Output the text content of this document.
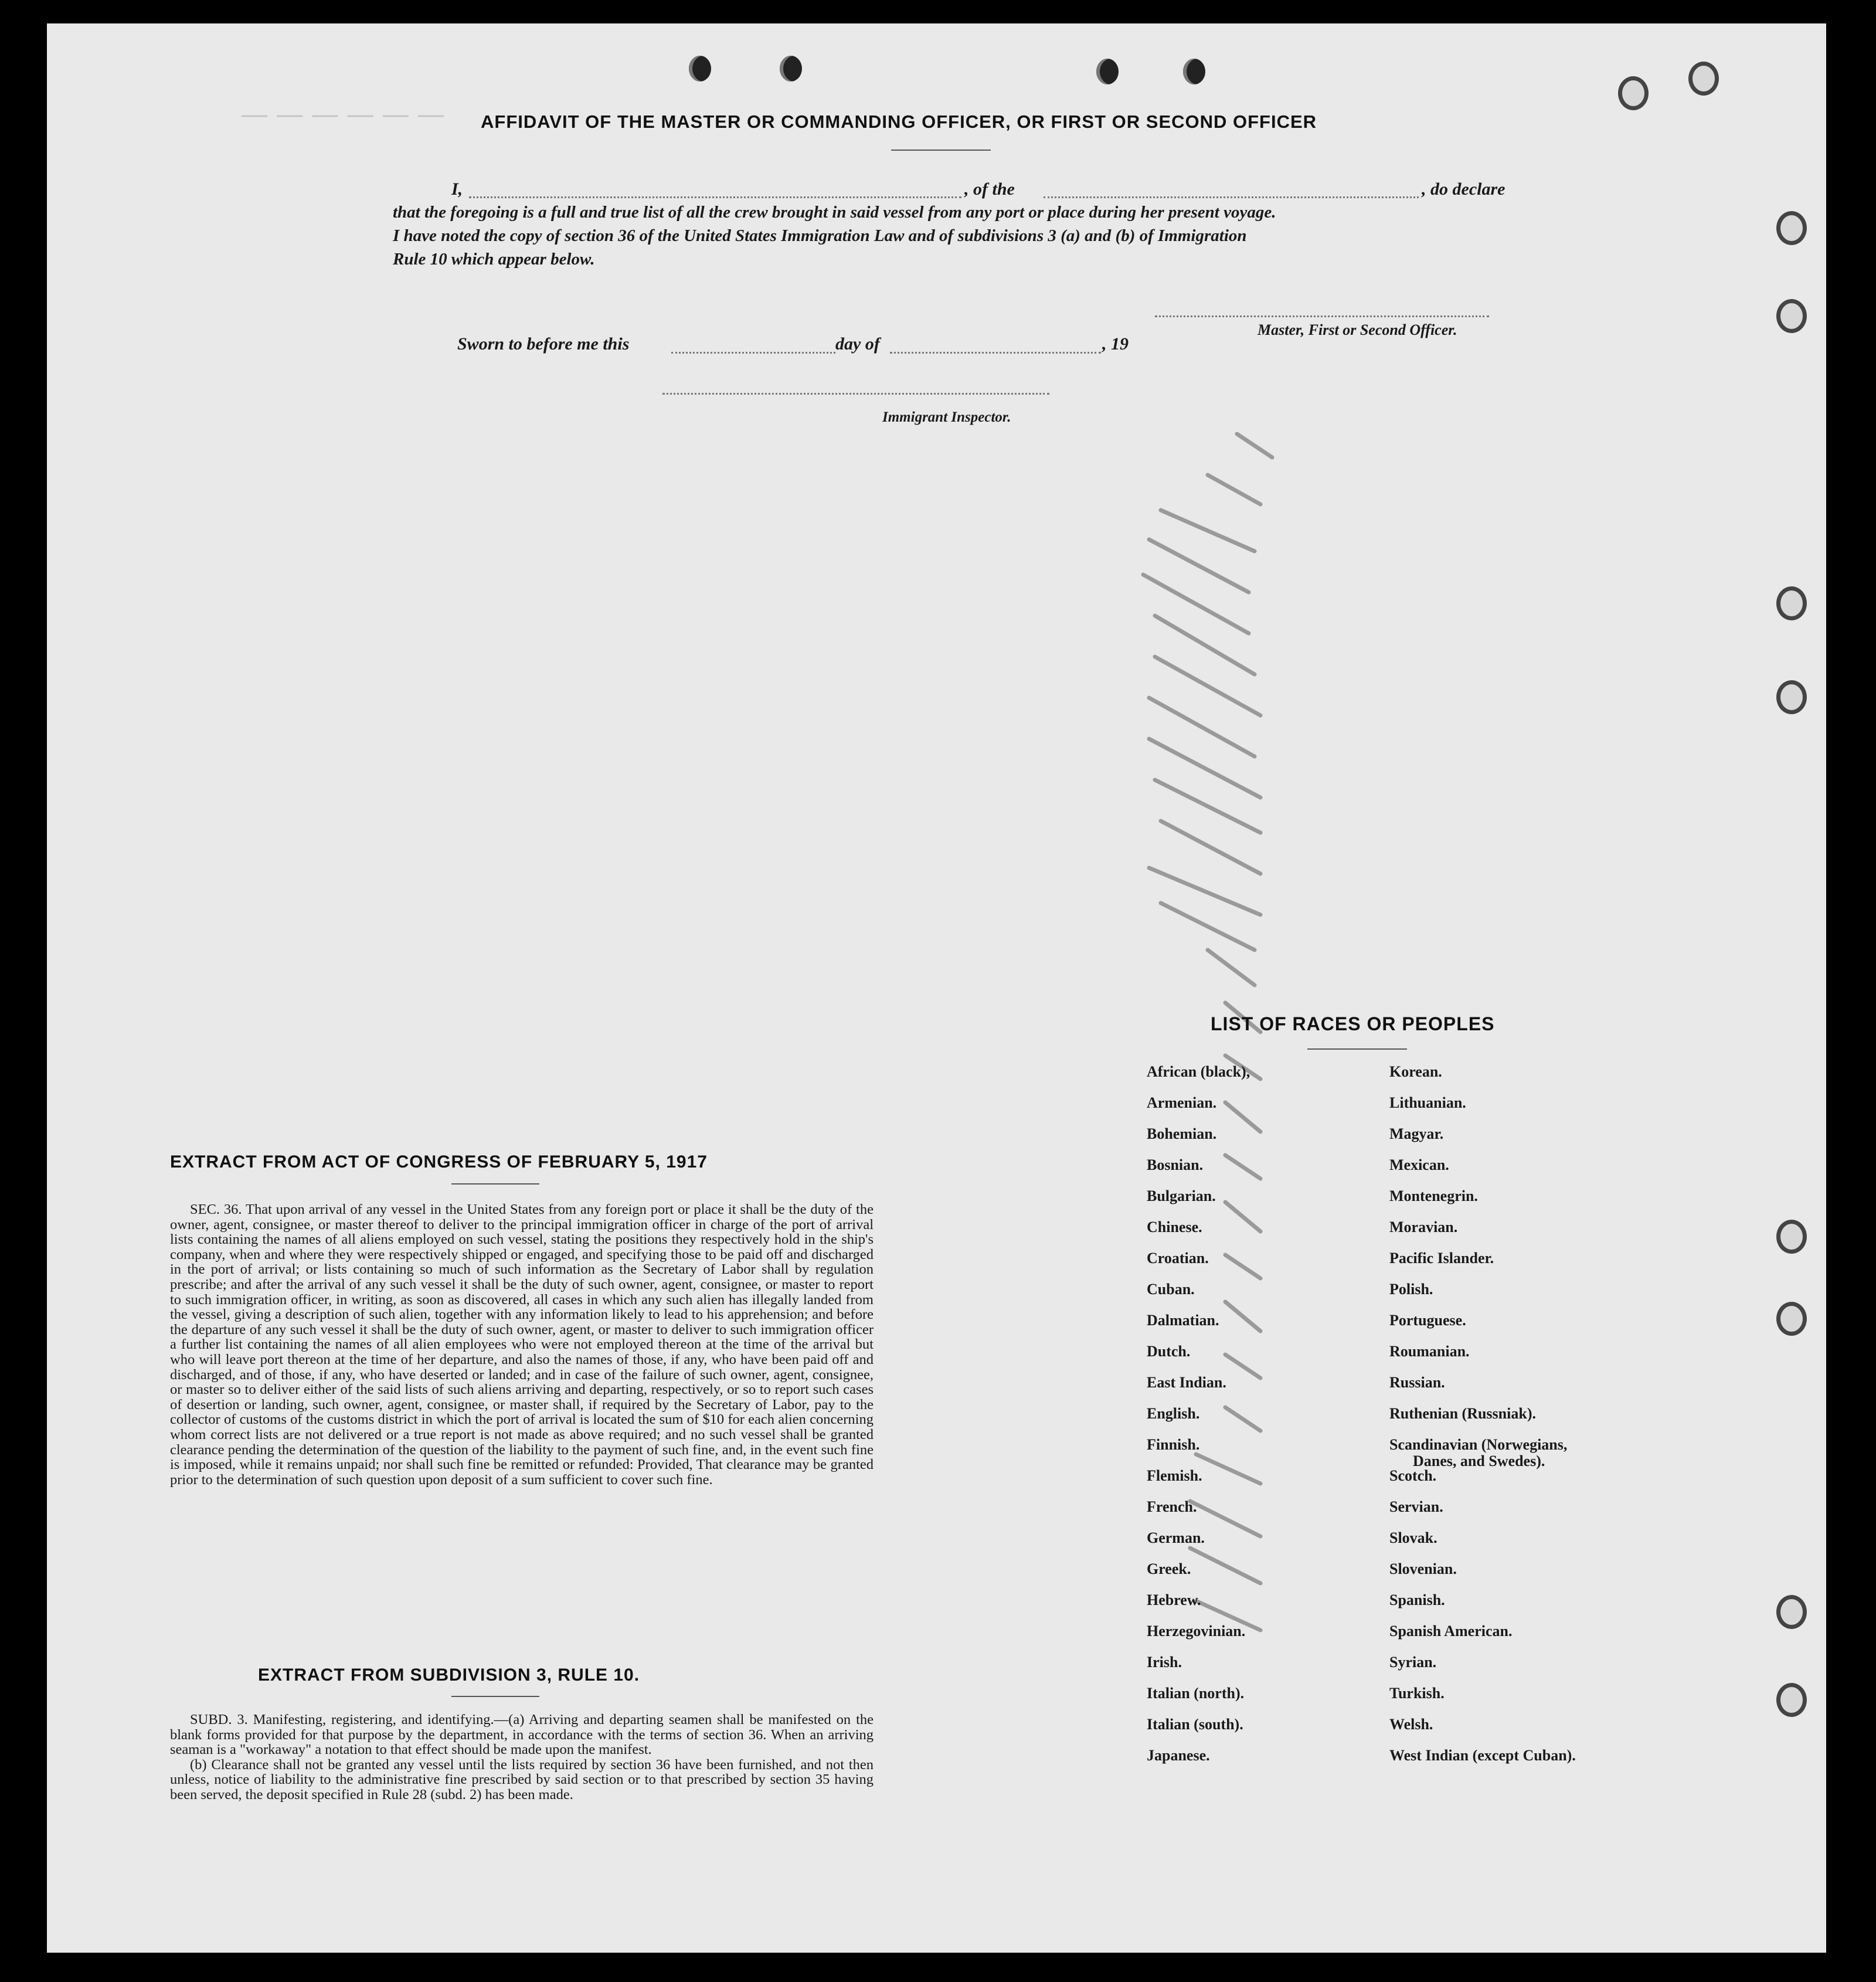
— — — — — — AFFIDAVIT OF THE MASTER OR COMMANDING OFFICER, OR FIRST OR SECOND OFFICER
I,	, of the	, do declare
that the foregoing is a full and true list of all the crew brought in said vessel from any port or place during her present voyage.
I have noted the copy of section 36 of the United States Immigration Law and of subdivisions 3 (a) and (b) of Immigration
Rule 10 which appear below.
Master, First or Second Officer.
Sworn to before me this	day of	, 19
Immigrant Inspector.
EXTRACT FROM ACT OF CONGRESS OF FEBRUARY 5, 1917

SEC. 36. That upon arrival of any vessel in the United States from any foreign port or place it shall be the duty of the owner, agent, consignee, or master thereof to deliver to the principal immigration officer in charge of the port of arrival lists containing the names of all aliens employed on such vessel, stating the positions they respectively hold in the ship's company, when and where they were respectively shipped or engaged, and specifying those to be paid off and discharged in the port of arrival; or lists containing so much of such information as the Secretary of Labor shall by regulation prescribe; and after the arrival of any such vessel it shall be the duty of such owner, agent, consignee, or master to report to such immigration officer, in writing, as soon as discovered, all cases in which any such alien has illegally landed from the vessel, giving a description of such alien, together with any information likely to lead to his apprehension; and before the departure of any such vessel it shall be the duty of such owner, agent, or master to deliver to such immigration officer a further list containing the names of all alien employees who were not employed thereon at the time of the arrival but who will leave port thereon at the time of her departure, and also the names of those, if any, who have been paid off and discharged, and of those, if any, who have deserted or landed; and in case of the failure of such owner, agent, consignee, or master so to deliver either of the said lists of such aliens arriving and departing, respectively, or so to report such cases of desertion or landing, such owner, agent, consignee, or master shall, if required by the Secretary of Labor, pay to the collector of customs of the customs district in which the port of arrival is located the sum of $10 for each alien concerning whom correct lists are not delivered or a true report is not made as above required; and no such vessel shall be granted clearance pending the determination of the question of the liability to the payment of such fine, and, in the event such fine is imposed, while it remains unpaid; nor shall such fine be remitted or refunded: Provided, That clearance may be granted prior to the determination of such question upon deposit of a sum sufficient to cover such fine.

EXTRACT FROM SUBDIVISION 3, RULE 10.

SUBD. 3. Manifesting, registering, and identifying.—(a) Arriving and departing seamen shall be manifested on the blank forms provided for that purpose by the department, in accordance with the terms of section 36. When an arriving seaman is a "workaway" a notation to that effect should be made upon the manifest.

(b) Clearance shall not be granted any vessel until the lists required by section 36 have been furnished, and not then unless, notice of liability to the administrative fine prescribed by said section or to that prescribed by section 35 having been served, the deposit specified in Rule 28 (subd. 2) has been made.

LIST OF RACES OR PEOPLES
African (black),
Armenian.
Bohemian.
Bosnian.
Bulgarian.
Chinese.
Croatian.
Cuban.
Dalmatian.
Dutch.
East Indian.
English.
Finnish.
Flemish.
French.
German.
Greek.
Hebrew.
Herzegovinian.
Irish.
Italian (north).
Italian (south).
Japanese.
Korean.
Lithuanian.
Magyar.
Mexican.
Montenegrin.
Moravian.
Pacific Islander.
Polish.
Portuguese.
Roumanian.
Russian.
Ruthenian (Russniak).
Scandinavian (Norwegians,
Danes, and Swedes).
Scotch.
Servian.
Slovak.
Slovenian.
Spanish.
Spanish American.
Syrian.
Turkish.
Welsh.
West Indian (except Cuban).
